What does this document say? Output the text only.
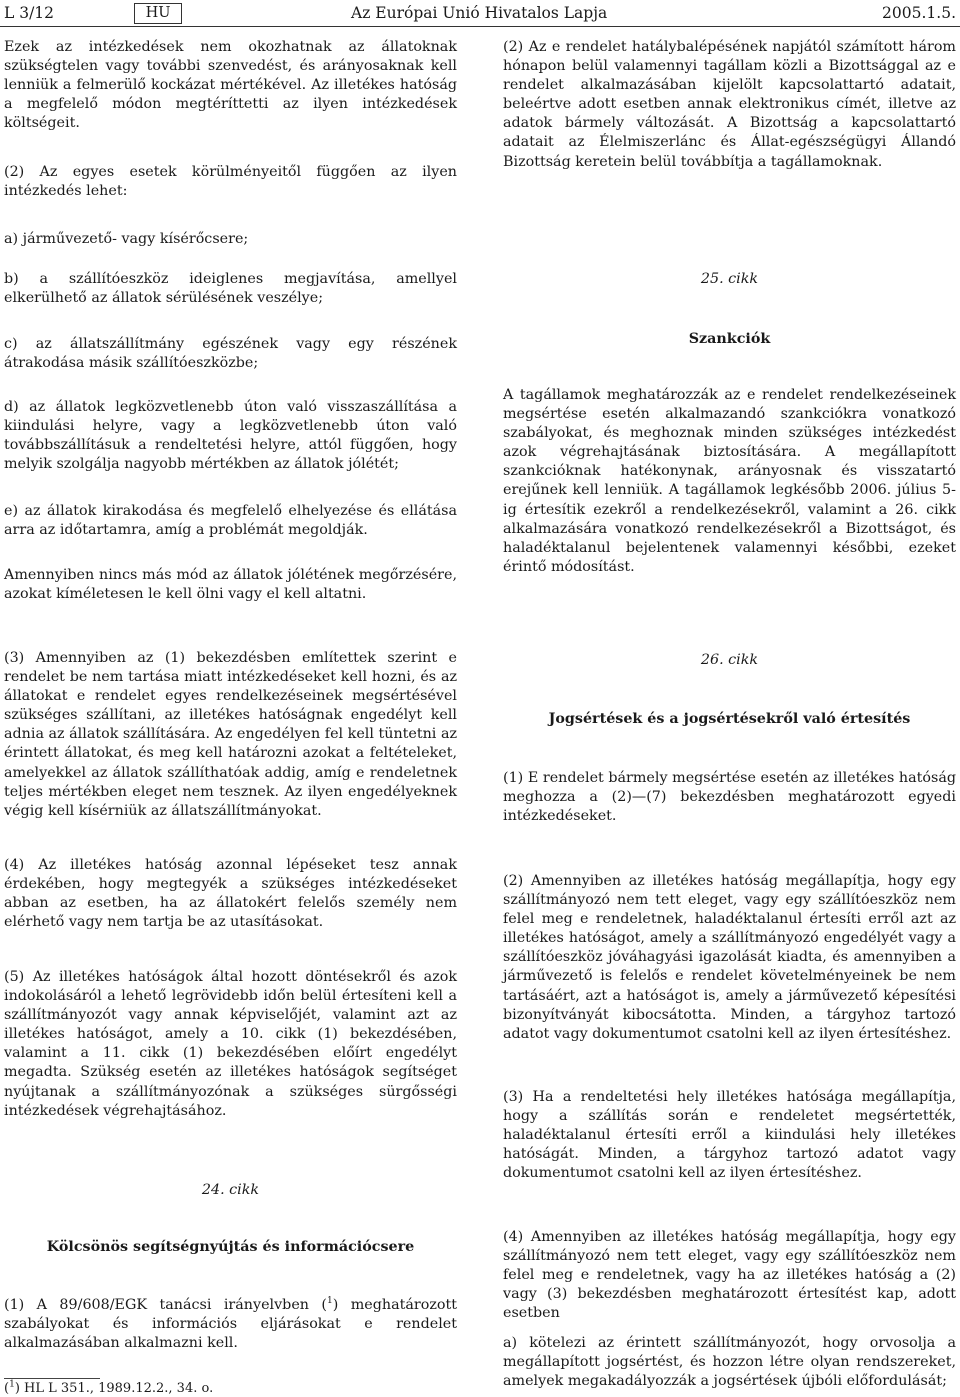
L 3/12	HU	Az Európai Unió Hivatalos Lapja	2005.1.5.

Ezek az intézkedések nem okozhatnak az állatoknak szükségtelen vagy további szenvedést, és arányosaknak kell lenniük a felmerülő kockázat mértékével. Az illetékes hatóság a megfelelő módon megtéríttetti az ilyen intézkedések költségeit.

(2) Az egyes esetek körülményeitől függően az ilyen intézkedés lehet:

a) járművezető- vagy kísérőcsere;

b) a szállítóeszköz ideiglenes megjavítása, amellyel elkerülhető az állatok sérülésének veszélye;

c) az állatszállítmány egészének vagy egy részének átrakodása másik szállítóeszközbe;

d) az állatok legközvetlenebb úton való visszaszállítása a kiindulási helyre, vagy a legközvetlenebb úton való továbbszállításuk a rendeltetési helyre, attól függően, hogy melyik szolgálja nagyobb mértékben az állatok jólétét;

e) az állatok kirakodása és megfelelő elhelyezése és ellátása arra az időtartamra, amíg a problémát megoldják.

Amennyiben nincs más mód az állatok jólétének megőrzésére, azokat kíméletesen le kell ölni vagy el kell altatni.

(3) Amennyiben az (1) bekezdésben említettek szerint e rendelet be nem tartása miatt intézkedéseket kell hozni, és az állatokat e rendelet egyes rendelkezéseinek megsértésével szükséges szállítani, az illetékes hatóságnak engedélyt kell adnia az állatok szállítására. Az engedélyen fel kell tüntetni az érintett állatokat, és meg kell határozni azokat a feltételeket, amelyekkel az állatok szállíthatóak addig, amíg e rendeletnek teljes mértékben eleget nem tesznek. Az ilyen engedélyeknek végig kell kísérniük az állatszállítmányokat.

(4) Az illetékes hatóság azonnal lépéseket tesz annak érdekében, hogy megtegyék a szükséges intézkedéseket abban az esetben, ha az állatokért felelős személy nem elérhető vagy nem tartja be az utasításokat.

(5) Az illetékes hatóságok által hozott döntésekről és azok indokolásáról a lehető legrövidebb időn belül értesíteni kell a szállítmányozót vagy annak képviselőjét, valamint azt az illetékes hatóságot, amely a 10. cikk (1) bekezdésében, valamint a 11. cikk (1) bekezdésében előírt engedélyt megadta. Szükség esetén az illetékes hatóságok segítséget nyújtanak a szállítmányozónak a szükséges sürgősségi intézkedések végrehajtásához.

24. cikk

Kölcsönös segítségnyújtás és információcsere

(1) A 89/608/EGK tanácsi irányelvben ($^1$) meghatározott szabályokat és információs eljárásokat e rendelet alkalmazásában alkalmazni kell.

($^1$) HL L 351., 1989.12.2., 34. o.

(2) Az e rendelet hatálybalépésének napjától számított három hónapon belül valamennyi tagállam közli a Bizottsággal az e rendelet alkalmazásában kijelölt kapcsolattartó adatait, beleértve adott esetben annak elektronikus címét, illetve az adatok bármely változását. A Bizottság a kapcsolattartó adatait az Élelmiszerlánc és Állat-egészségügyi Állandó Bizottság keretein belül továbbítja a tagállamoknak.

25. cikk

Szankciók

A tagállamok meghatározzák az e rendelet rendelkezéseinek megsértése esetén alkalmazandó szankciókra vonatkozó szabályokat, és meghoznak minden szükséges intézkedést azok végrehajtásának biztosítására. A megállapított szankcióknak hatékonynak, arányosnak és visszatartó erejűnek kell lenniük. A tagállamok legkésőbb 2006. július 5-ig értesítik ezekről a rendelkezésekről, valamint a 26. cikk alkalmazására vonatkozó rendelkezésekről a Bizottságot, és haladéktalanul bejelentenek valamennyi későbbi, ezeket érintő módosítást.

26. cikk

Jogsértések és a jogsértésekről való értesítés

(1) E rendelet bármely megsértése esetén az illetékes hatóság meghozza a (2)—(7) bekezdésben meghatározott egyedi intézkedéseket.

(2) Amennyiben az illetékes hatóság megállapítja, hogy egy szállítmányozó nem tett eleget, vagy egy szállítóeszköz nem felel meg e rendeletnek, haladéktalanul értesíti erről azt az illetékes hatóságot, amely a szállítmányozó engedélyét vagy a szállítóeszköz jóváhagyási igazolását kiadta, és amennyiben a járművezető is felelős e rendelet követelményeinek be nem tartásáért, azt a hatóságot is, amely a járművezető képesítési bizonyítványát kibocsátotta. Minden, a tárgyhoz tartozó adatot vagy dokumentumot csatolni kell az ilyen értesítéshez.

(3) Ha a rendeltetési hely illetékes hatósága megállapítja, hogy a szállítás során e rendeletet megsértették, haladéktalanul értesíti erről a kiindulási hely illetékes hatóságát. Minden, a tárgyhoz tartozó adatot vagy dokumentumot csatolni kell az ilyen értesítéshez.

(4) Amennyiben az illetékes hatóság megállapítja, hogy egy szállítmányozó nem tett eleget, vagy egy szállítóeszköz nem felel meg e rendeletnek, vagy ha az illetékes hatóság a (2) vagy (3) bekezdésben meghatározott értesítést kap, adott esetben

a) kötelezi az érintett szállítmányozót, hogy orvosolja a megállapított jogsértést, és hozzon létre olyan rendszereket, amelyek megakadályozzák a jogsértések újbóli előfordulását;
